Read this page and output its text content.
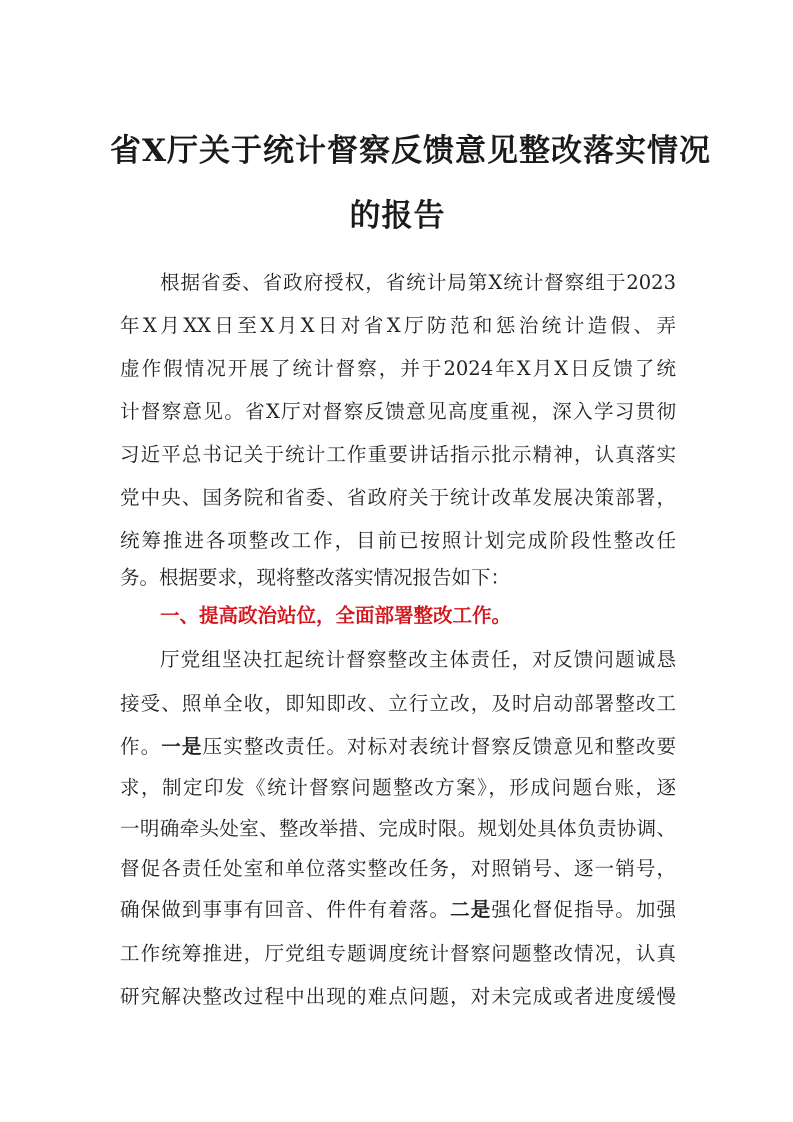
省X厅关于统计督察反馈意见整改落实情况
的报告
根据省委、省政府授权，省统计局第X统计督察组于2023
年X月XX日至X月X日对省X厅防范和惩治统计造假、弄
虚作假情况开展了统计督察，并于2024年X月X日反馈了统
计督察意见。省X厅对督察反馈意见高度重视，深入学习贯彻
习近平总书记关于统计工作重要讲话指示批示精神，认真落实
党中央、国务院和省委、省政府关于统计改革发展决策部署，
统筹推进各项整改工作，目前已按照计划完成阶段性整改任
务。根据要求，现将整改落实情况报告如下：
一、提高政治站位，全面部署整改工作。
厅党组坚决扛起统计督察整改主体责任，对反馈问题诚恳
接受、照单全收，即知即改、立行立改，及时启动部署整改工
作。一是压实整改责任。对标对表统计督察反馈意见和整改要
求，制定印发《统计督察问题整改方案》，形成问题台账，逐
一明确牵头处室、整改举措、完成时限。规划处具体负责协调、
督促各责任处室和单位落实整改任务，对照销号、逐一销号，
确保做到事事有回音、件件有着落。二是强化督促指导。加强
工作统筹推进，厅党组专题调度统计督察问题整改情况，认真
研究解决整改过程中出现的难点问题，对未完成或者进度缓慢
